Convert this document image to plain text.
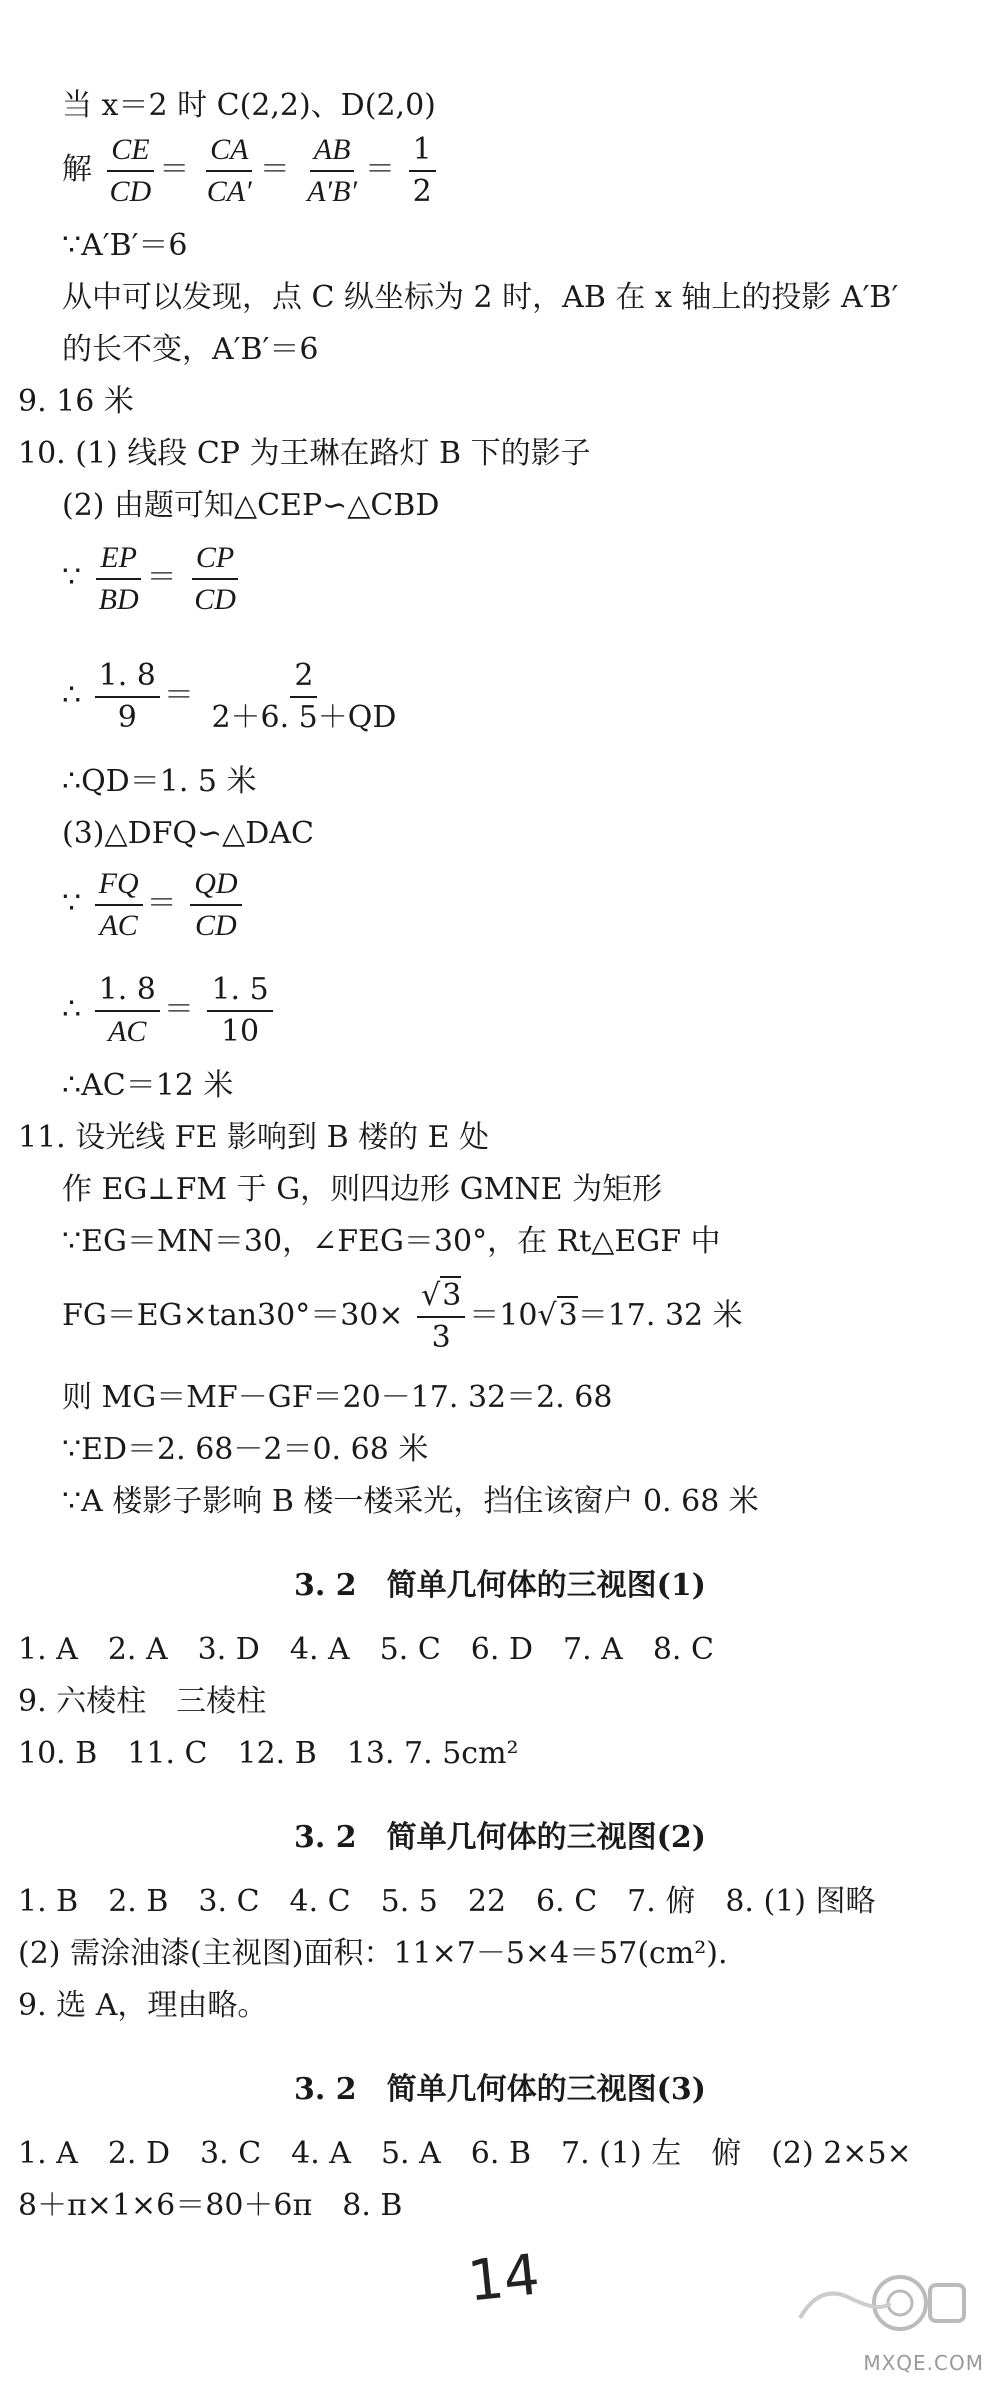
当 x＝2 时 C(2,2)、D(2,0)
解 $\frac{CE}{CD} = \frac{CA}{CA'} = \frac{AB}{A'B'} = \frac{1}{2}$
∵A′B′＝6
从中可以发现，点 C 纵坐标为 2 时，AB 在 x 轴上的投影 A′B′
的长不变，A′B′＝6
9. 16 米
10. (1) 线段 CP 为王琳在路灯 B 下的影子
(2) 由题可知△CEP∽△CBD
∵ $\frac{EP}{BD} = \frac{CP}{CD}$
∴ $\frac{1. 8}{9} = \frac{2}{2+6. 5+QD}$
∴QD＝1. 5 米
(3)△DFQ∽△DAC
∵ $\frac{FQ}{AC} = \frac{QD}{CD}$
∴ $\frac{1. 8}{AC} = \frac{1. 5}{10}$
∴AC＝12 米
11. 设光线 FE 影响到 B 楼的 E 处
作 EG⊥FM 于 G，则四边形 GMNE 为矩形
∵EG＝MN＝30，∠FEG＝30°，在 Rt△EGF 中
$FG=EG\times\tan 30^\circ=30\times \frac{√3}{3} =10√3=17$. 32 米
则 MG＝MF－GF＝20－17. 32＝2. 68
∵ED＝2. 68－2＝0. 68 米
∵A 楼影子影响 B 楼一楼采光，挡住该窗户 0. 68 米
3. 2　简单几何体的三视图(1)
1. A　2. A　3. D　4. A　5. C　6. D　7. A　8. C
9. 六棱柱　三棱柱
10. B　11. C　12. B　13. 7. 5cm²
3. 2　简单几何体的三视图(2)
1. B　2. B　3. C　4. C　5. 5　22　6. C　7. 俯　8. (1) 图略
(2) 需涂油漆(主视图)面积：11×7－5×4＝57(cm²).
9. 选 A，理由略。
3. 2　简单几何体的三视图(3)
1. A　2. D　3. C　4. A　5. A　6. B　7. (1) 左　俯　(2) 2×5×
8＋π×1×6＝80＋6π　8. B
14
MXQE.COM
